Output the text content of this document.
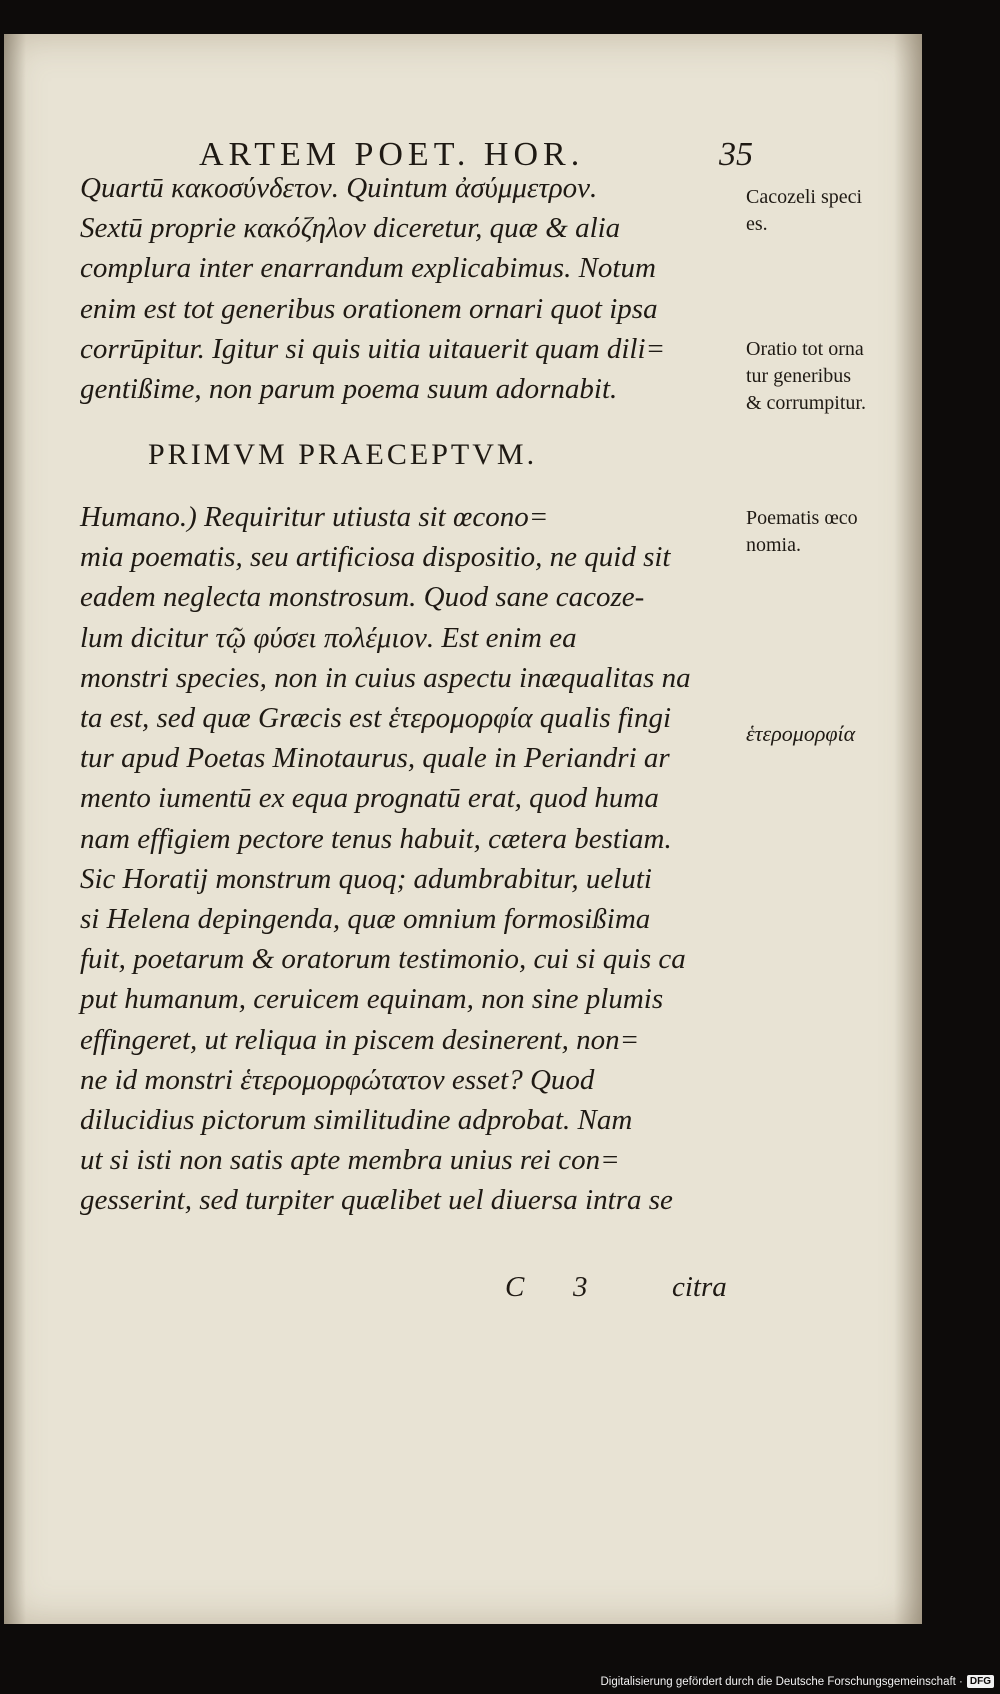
ARTEM POET. HOR.	35
Quartū κακοσύνδετον. Quintum ἀσύμμετρον.
Sextū proprie κακόζηλον diceretur, quæ & alia
complura inter enarrandum explicabimus. Notum
enim est tot generibus orationem ornari quot ipsa
corrūpitur. Igitur si quis uitia uitauerit quam dili=
gentißime, non parum poema suum adornabit.
PRIMVM PRAECEPTVM.
Humano.) Requiritur utiusta sit œcono=
mia poematis, seu artificiosa dispositio, ne quid sit
eadem neglecta monstrosum. Quod sane cacoze-
lum dicitur τῷ φύσει πολέμιον. Est enim ea
monstri species, non in cuius aspectu inæqualitas na
ta est, sed quæ Græcis est ἑτερομορφία qualis fingi
tur apud Poetas Minotaurus, quale in Periandri ar
mento iumentū ex equa prognatū erat, quod huma
nam effigiem pectore tenus habuit, cætera bestiam.
Sic Horatij monstrum quoq; adumbrabitur, ueluti
si Helena depingenda, quæ omnium formosißima
fuit, poetarum & oratorum testimonio, cui si quis ca
put humanum, ceruicem equinam, non sine plumis
effingeret, ut reliqua in piscem desinerent, non=
ne id monstri ἑτερομορφώτατον esset? Quod
dilucidius pictorum similitudine adprobat. Nam
ut si isti non satis apte membra unius rei con=
gesserint, sed turpiter quælibet uel diuersa intra se
Cacozeli speci
es.
Oratio tot orna
tur generibus
& corrumpitur.
Poematis œco
nomia.
ἑτερομορφία
C 3	citra
Digitalisierung gefördert durch die Deutsche Forschungsgemeinschaft · DFG
